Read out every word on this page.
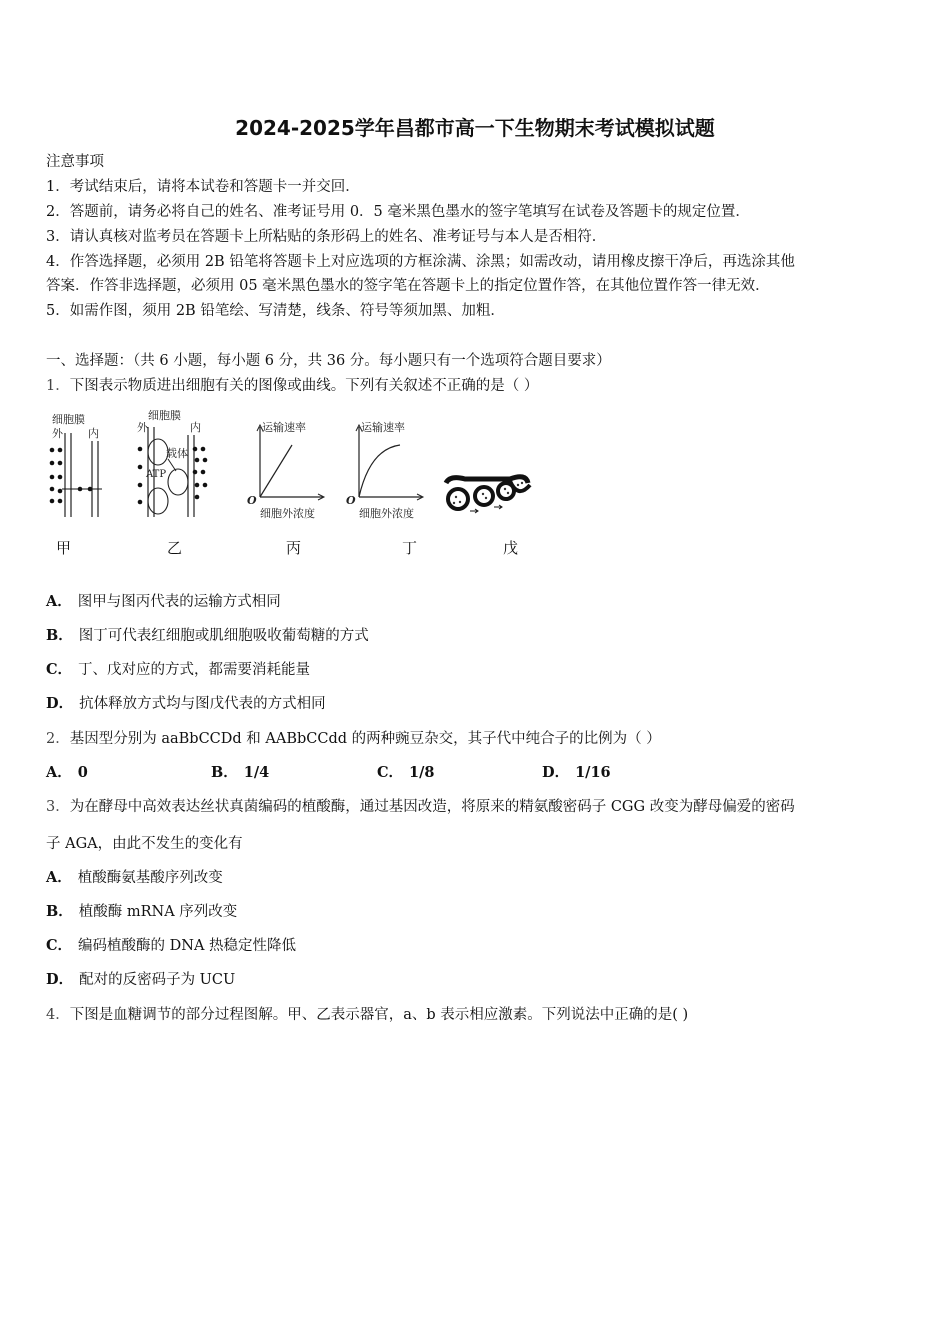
2024-2025学年昌都市高一下生物期末考试模拟试题
注意事项
1．考试结束后，请将本试卷和答题卡一并交回．
2．答题前，请务必将自己的姓名、准考证号用 0．5 毫米黑色墨水的签字笔填写在试卷及答题卡的规定位置．
3．请认真核对监考员在答题卡上所粘贴的条形码上的姓名、准考证号与本人是否相符．
4．作答选择题，必须用 2B 铅笔将答题卡上对应选项的方框涂满、涂黑；如需改动，请用橡皮擦干净后，再选涂其他
答案．作答非选择题，必须用 05 毫米黑色墨水的签字笔在答题卡上的指定位置作答，在其他位置作答一律无效．
5．如需作图，须用 2B 铅笔绘、写清楚，线条、符号等须加黑、加粗．
一、选择题：（共 6 小题，每小题 6 分，共 36 分。每小题只有一个选项符合题目要求）
1．下图表示物质进出细胞有关的图像或曲线。下列有关叙述不正确的是（ ）
细胞膜
外 内
细胞膜
外	内
载体
ATP
运输速率
O
细胞外浓度
运输速率
O
细胞外浓度
甲	乙	丙	丁	戊
A． 图甲与图丙代表的运输方式相同
B． 图丁可代表红细胞或肌细胞吸收葡萄糖的方式
C． 丁、戊对应的方式，都需要消耗能量
D． 抗体释放方式均与图戊代表的方式相同
2．基因型分别为 aaBbCCDd 和 AABbCCdd 的两种豌豆杂交，其子代中纯合子的比例为（ ）
A． 0	B． 1/4	C． 1/8	D． 1/16
3．为在酵母中高效表达丝状真菌编码的植酸酶，通过基因改造，将原来的精氨酸密码子 CGG 改变为酵母偏爱的密码
子 AGA，由此不发生的变化有
A． 植酸酶氨基酸序列改变
B． 植酸酶 mRNA 序列改变
C． 编码植酸酶的 DNA 热稳定性降低
D． 配对的反密码子为 UCU
4．下图是血糖调节的部分过程图解。甲、乙表示器官，a、b 表示相应激素。下列说法中正确的是( )
